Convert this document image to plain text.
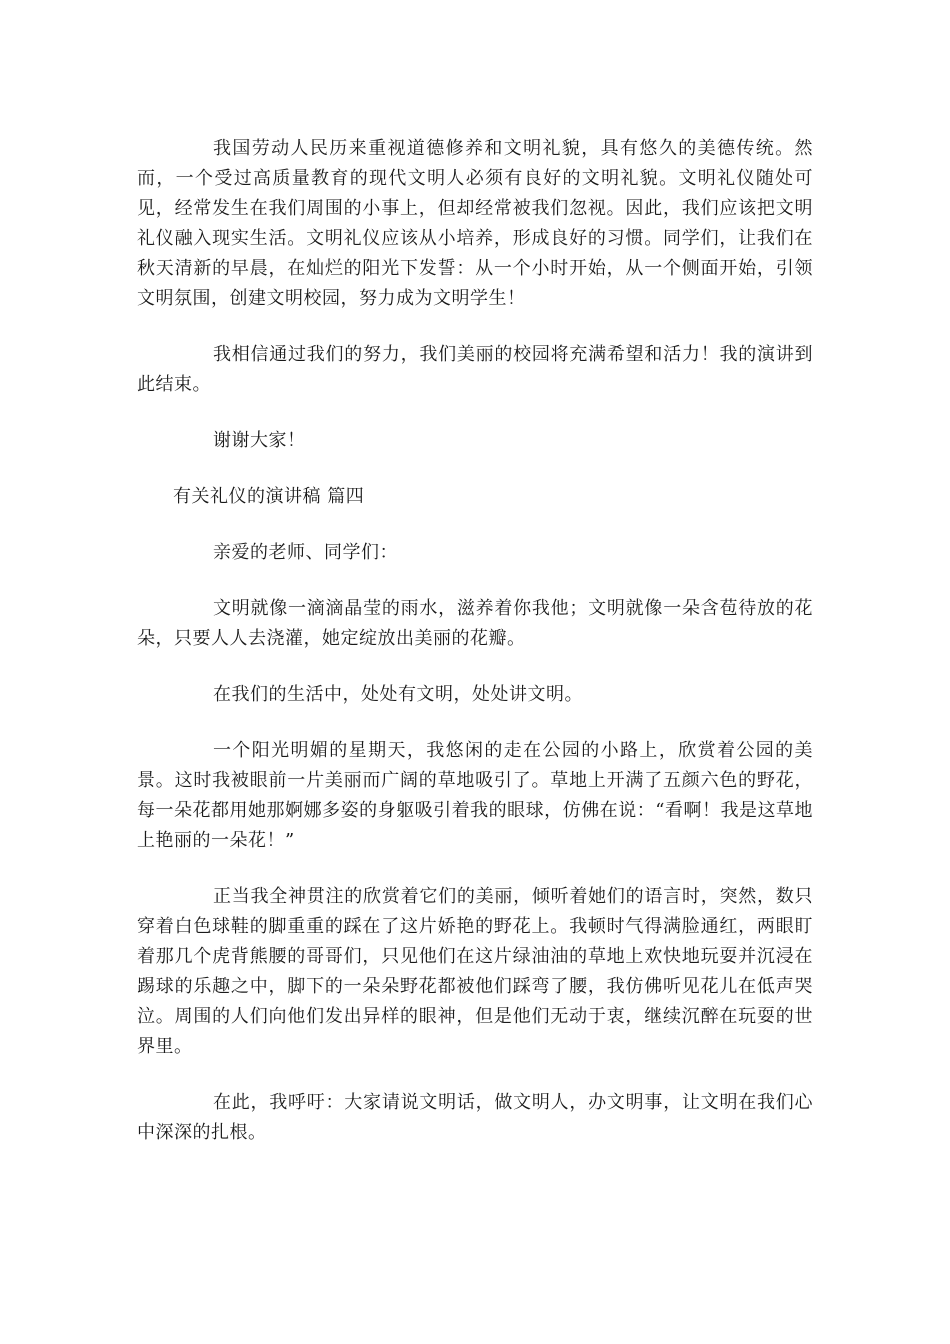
我国劳动人民历来重视道德修养和文明礼貌，具有悠久的美德传统。然而，一个受过高质量教育的现代文明人必须有良好的文明礼貌。文明礼仪随处可见，经常发生在我们周围的小事上，但却经常被我们忽视。因此，我们应该把文明礼仪融入现实生活。文明礼仪应该从小培养，形成良好的习惯。同学们，让我们在秋天清新的早晨，在灿烂的阳光下发誓：从一个小时开始，从一个侧面开始，引领文明氛围，创建文明校园，努力成为文明学生！

我相信通过我们的努力，我们美丽的校园将充满希望和活力！我的演讲到此结束。

谢谢大家！

有关礼仪的演讲稿 篇四

亲爱的老师、同学们：

文明就像一滴滴晶莹的雨水，滋养着你我他；文明就像一朵含苞待放的花朵，只要人人去浇灌，她定绽放出美丽的花瓣。

在我们的生活中，处处有文明，处处讲文明。

一个阳光明媚的星期天，我悠闲的走在公园的小路上，欣赏着公园的美景。这时我被眼前一片美丽而广阔的草地吸引了。草地上开满了五颜六色的野花，每一朵花都用她那婀娜多姿的身躯吸引着我的眼球，仿佛在说：“看啊！我是这草地上艳丽的一朵花！”

正当我全神贯注的欣赏着它们的美丽，倾听着她们的语言时，突然，数只穿着白色球鞋的脚重重的踩在了这片娇艳的野花上。我顿时气得满脸通红，两眼盯着那几个虎背熊腰的哥哥们，只见他们在这片绿油油的草地上欢快地玩耍并沉浸在踢球的乐趣之中，脚下的一朵朵野花都被他们踩弯了腰，我仿佛听见花儿在低声哭泣。周围的人们向他们发出异样的眼神，但是他们无动于衷，继续沉醉在玩耍的世界里。

在此，我呼吁：大家请说文明话，做文明人，办文明事，让文明在我们心中深深的扎根。
